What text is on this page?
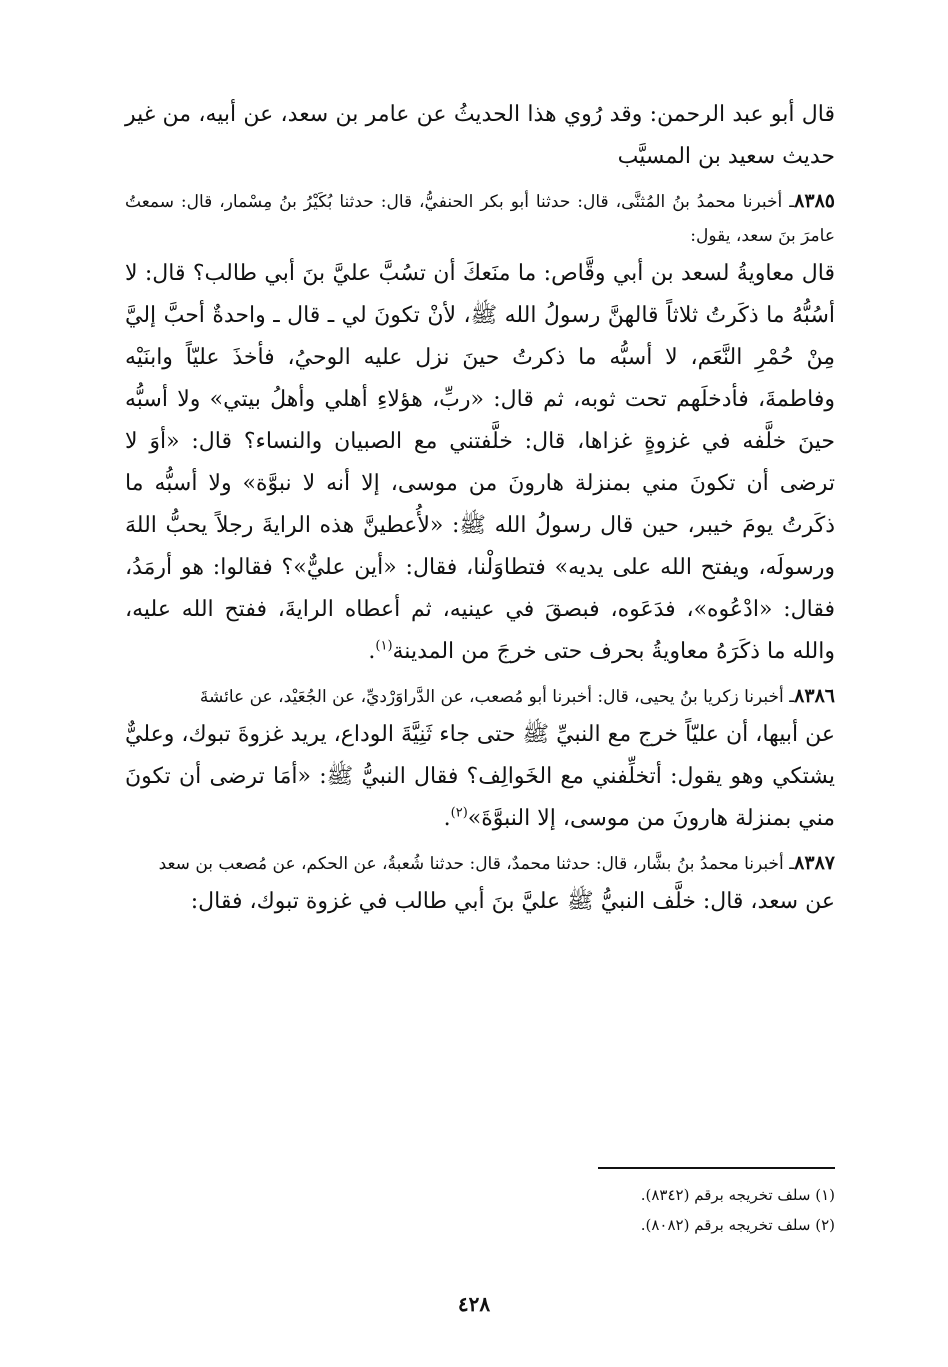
قال أبو عبد الرحمن: وقد رُوي هذا الحديثُ عن عامر بن سعد، عن أبيه، من غير حديث سعيد بن المسيَّب

٨٣٨٥ـ أخبرنا محمدُ بنُ المُثنَّى، قال: حدثنا أبو بكر الحنفيُّ، قال: حدثنا بُكَيْرُ بنُ مِسْمار، قال: سمعتُ عامرَ بنَ سعد، يقول:

قال معاويةُ لسعد بن أبي وقَّاص: ما منَعكَ أن تسُبَّ عليَّ بنَ أبي طالب؟ قال: لا أسُبُّهُ ما ذكَرتُ ثلاثاً قالهنَّ رسولُ الله ﷺ، لأنْ تكونَ لي ـ قال ـ واحدةٌ أحبَّ إليَّ مِنْ حُمْرِ النَّعَم، لا أسبُّه ما ذكرتُ حينَ نزل عليه الوحيُ، فأخذَ عليّاً وابنَيْه وفاطمةَ، فأدخلَهم تحت ثوبه، ثم قال: «ربِّ، هؤلاءِ أهلي وأهلُ بيتي» ولا أسبُّه حينَ خلَّفه في غزوةٍ غزاها، قال: خلَّفتني مع الصبيان والنساء؟ قال: «أوَ لا ترضى أن تكونَ مني بمنزلة هارونَ من موسى، إلا أنه لا نبوَّة» ولا أسبُّه ما ذكَرتُ يومَ خيبر، حين قال رسولُ الله ﷺ: «لأُعطينَّ هذه الرايةَ رجلاً يحبُّ اللهَ ورسولَه، ويفتح الله على يديه» فتطاوَلْنا، فقال: «أين عليٌّ»؟ فقالوا: هو أرمَدُ، فقال: «ادْعُوه»، فدَعَوه، فبصقَ في عينيه، ثم أعطاه الرايةَ، ففتح الله عليه، والله ما ذكَرَهُ معاويةُ بحرف حتى خرجَ من المدينة$^{(١)}$.

٨٣٨٦ـ أخبرنا زكريا بنُ يحيى، قال: أخبرنا أبو مُصعب، عن الدَّراوَرْديِّ، عن الجُعَيْد، عن عائشةَ

عن أبيها، أن عليّاً خرج مع النبيِّ ﷺ حتى جاء ثَنِيَّةَ الوداع، يريد غزوةَ تبوك، وعليٌّ يشتكي وهو يقول: أتخلِّفني مع الخَوالِف؟ فقال النبيُّ ﷺ: «أمَا ترضى أن تكونَ مني بمنزلة هارونَ من موسى، إلا النبوَّةَ»$^{(٢)}$.

٨٣٨٧ـ أخبرنا محمدُ بنُ بشَّار، قال: حدثنا محمدٌ، قال: حدثنا شُعبةُ، عن الحكم، عن مُصعب بن سعد

عن سعد، قال: خلَّف النبيُّ ﷺ عليَّ بنَ أبي طالب في غزوة تبوك، فقال:

(١) سلف تخريجه برقم (٨٣٤٢).
(٢) سلف تخريجه برقم (٨٠٨٢).
٤٢٨
